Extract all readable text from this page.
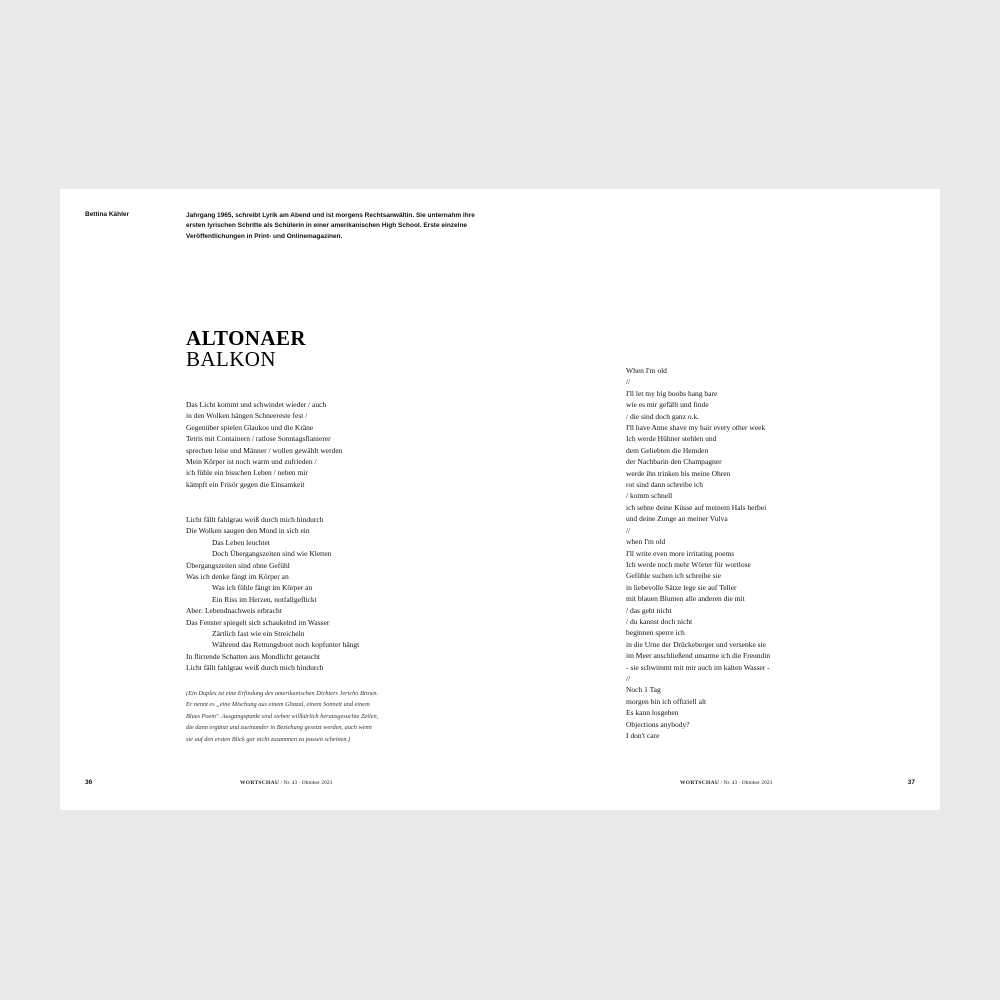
Bettina Kähler	Jahrgang 1965, schreibt Lyrik am Abend und ist morgens Rechtsanwältin. Sie unternahm ihre
ersten lyrischen Schritte als Schülerin in einer amerikanischen High School. Erste einzelne
Veröffentlichungen in Print- und Onlinemagazinen.
ALTONAER
BALKON
Das Licht kommt und schwindet wieder / auch
in den Wolken hängen Schneereste fest /
Gegenüber spielen Glaukos und die Kräne
Tetris mit Containern / ratlose Sonntagsflanierer
sprechen leise und Männer / wollen gewählt werden
Mein Körper ist noch warm und zufrieden /
ich fühle ein bisschen Leben / neben mir
kämpft ein Frisör gegen die Einsamkeit
Licht fällt fahlgrau weiß durch mich hindurch
Die Wolken saugen den Mond in sich ein
Das Leben leuchtet
Doch Übergangszeiten sind wie Kletten
Übergangszeiten sind ohne Gefühl
Was ich denke fängt im Körper an
Was ich fühle fängt im Körper an
Ein Riss im Herzen, notfallgeflickt
Aber: Lebendnachweis erbracht
Das Fenster spiegelt sich schaukelnd im Wasser
Zärtlich fast wie ein Streicheln
Während das Rettungsboot noch kopfunter hängt
In flirrende Schatten aus Mondlicht getaucht
Licht fällt fahlgrau weiß durch mich hindurch
(Ein Duplex ist eine Erfindung des amerikanischen Dichters Jericho Brown.
Er nennt es „eine Mischung aus einem Ghazal, einem Sonnett und einem
Blues Poem". Ausgangspunkt sind sieben willkürlich herausgesuchte Zeilen,
die dann ergänzt und zueinander in Beziehung gesetzt werden, auch wenn
sie auf den ersten Blick gar nicht zusammen zu passen scheinen.)
When I'm old
//
I'll let my big boobs hang bare
wie es mir gefällt und finde
/ die sind doch ganz o.k.
I'll have Anne shave my hair every other week
Ich werde Hühner stehlen und
dem Geliebten die Hemden
der Nachbarin den Champagner
werde ihn trinken bis meine Ohren
rot sind dann schreibe ich
/ komm schnell
ich sehne deine Küsse auf meinem Hals herbei
und deine Zunge an meiner Vulva
//
when I'm old
I'll write even more irritating poems
Ich werde noch mehr Wörter für wortlose
Gefühle suchen ich schreibe sie
in liebevolle Sätze lege sie auf Teller
mit blauen Blumen alle anderen die mit
/ das geht nicht
/ du kannst doch nicht
beginnen sperre ich
in die Urne der Drückeberger und versenke sie
im Meer anschließend umarme ich die Freundin
- sie schwimmt mit mir auch im kalten Wasser -
//
Noch 1 Tag
morgen bin ich offiziell alt
Es kann losgehen
Objections anybody?
I don't care
36	WORTSCHAU / Nr. 43 · Oktober 2023	WORTSCHAU / Nr. 43 · Oktober 2023	37
